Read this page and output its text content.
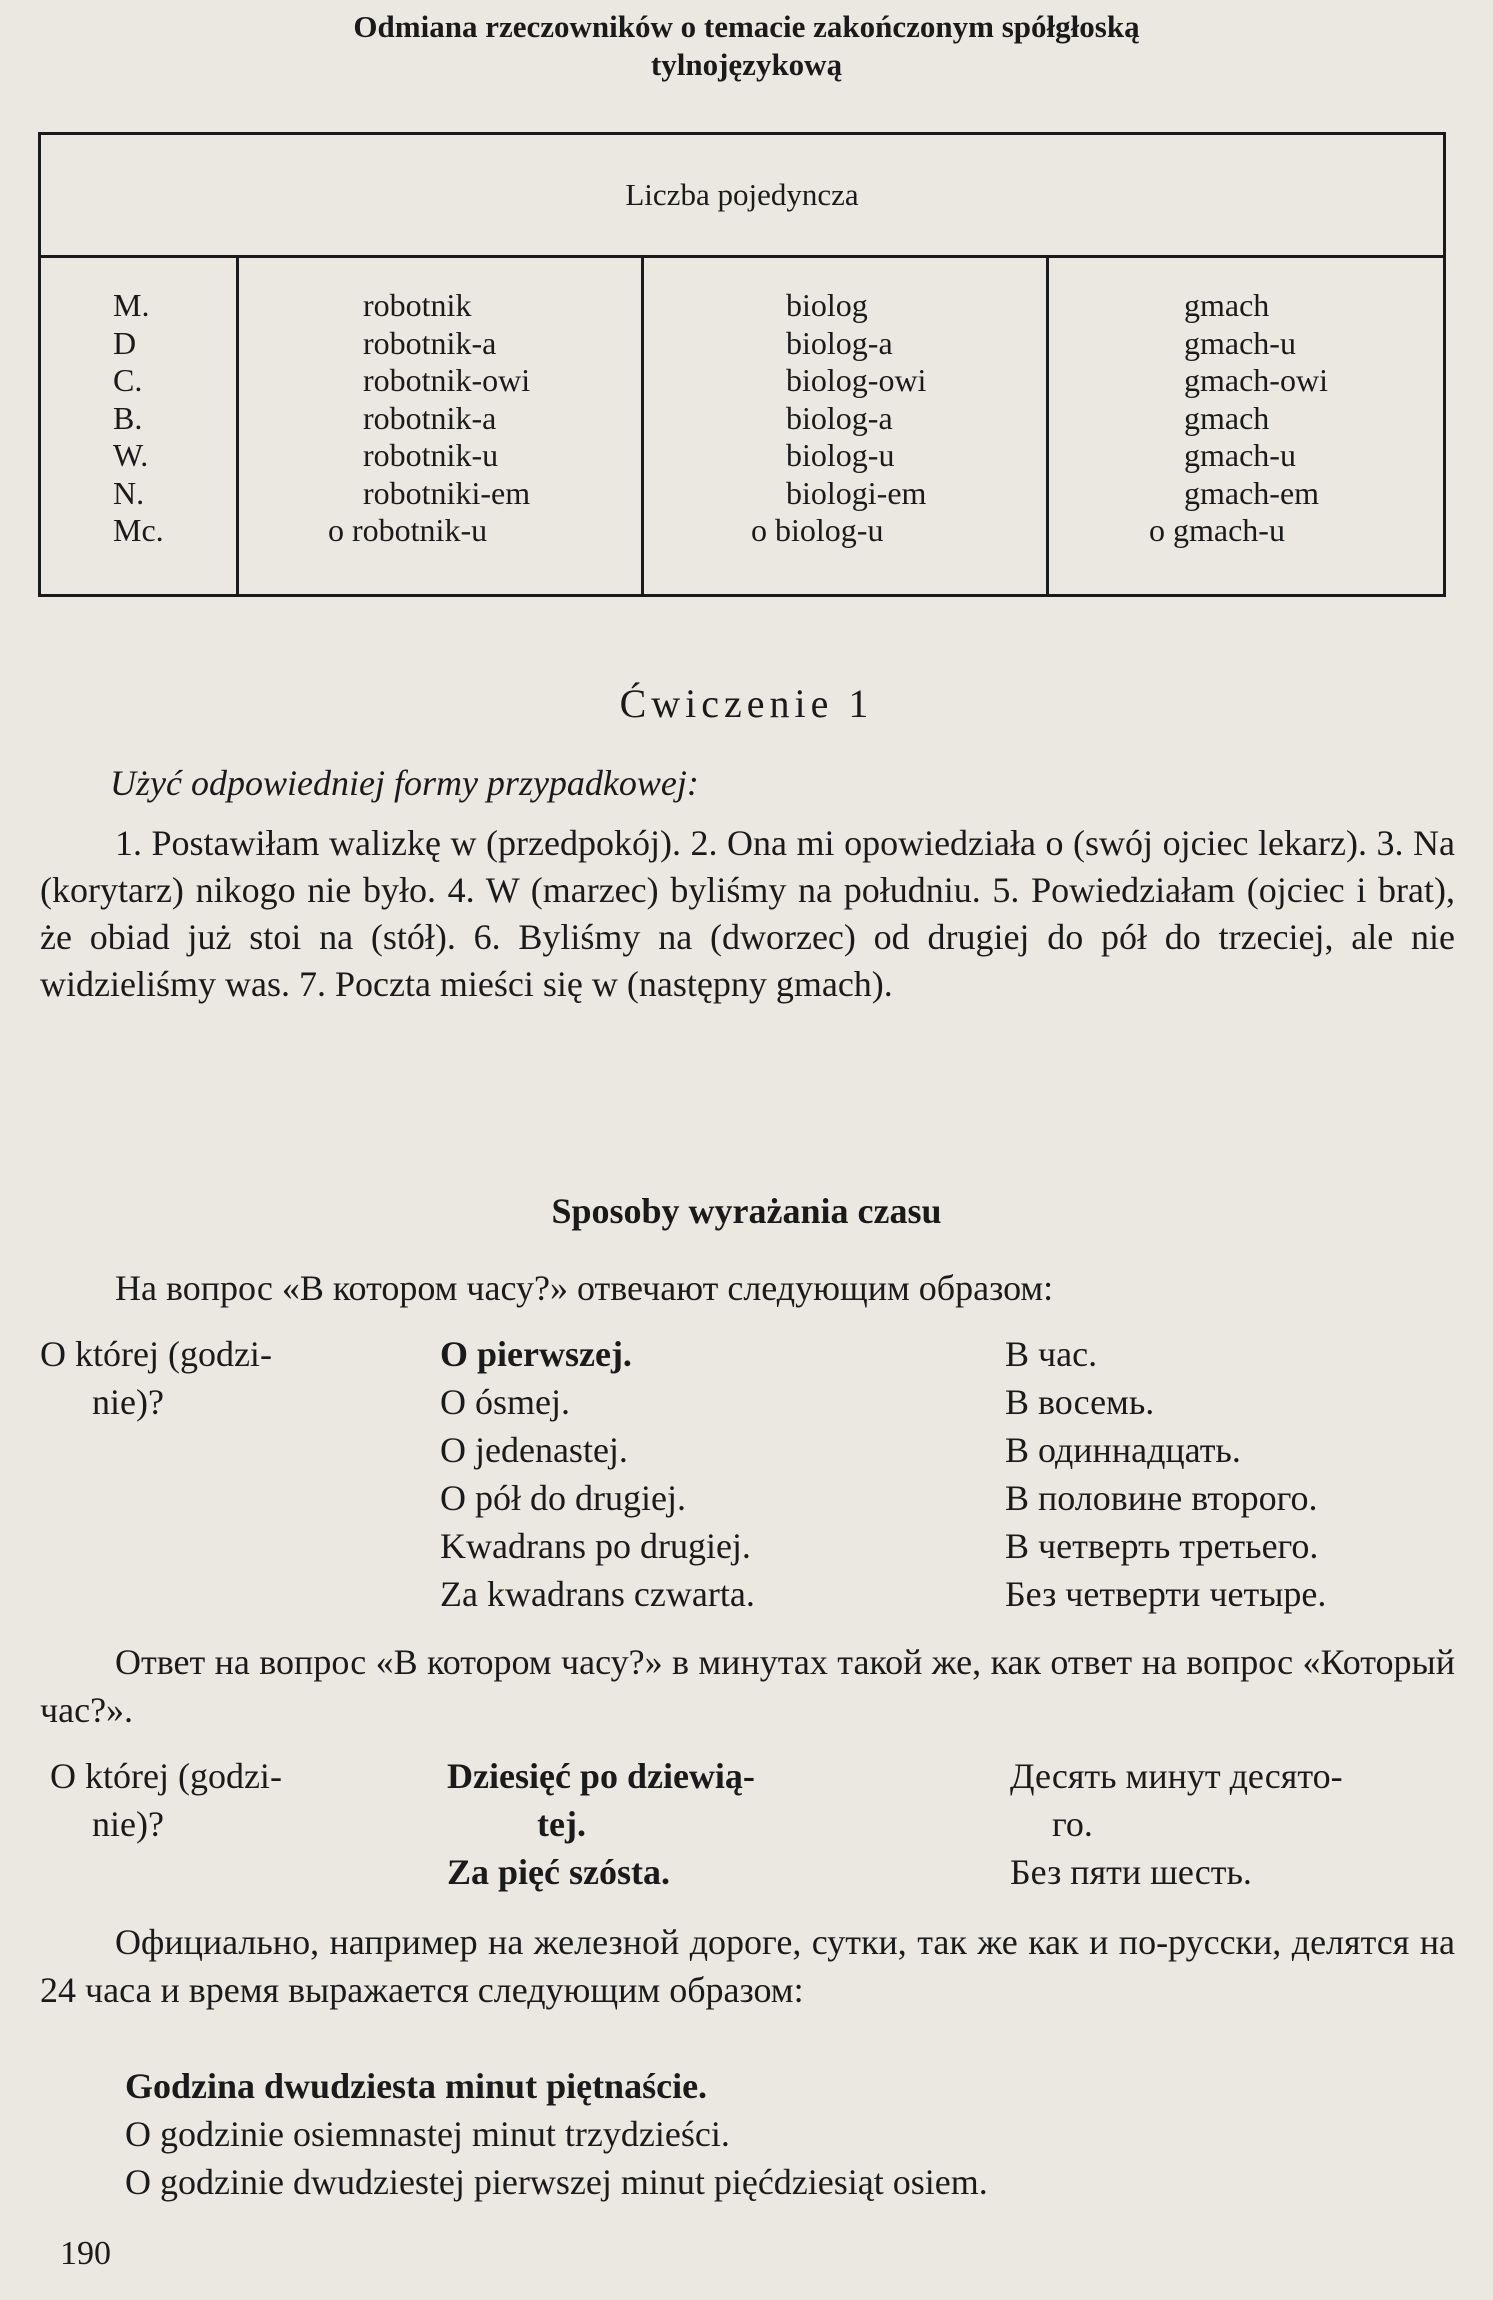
Odmiana rzeczowników o temacie zakończonym spółgłoską
tylnojęzykową
Liczba pojedyncza
M.
D
C.
B.
W.
N.
Mc.
robotnik
robotnik-a
robotnik-owi
robotnik-a
robotnik-u
robotniki-em
o robotnik-u
biolog
biolog-a
biolog-owi
biolog-a
biolog-u
biologi-em
o biolog-u
gmach
gmach-u
gmach-owi
gmach
gmach-u
gmach-em
o gmach-u
Ćwiczenie 1
Użyć odpowiedniej formy przypadkowej:
1. Postawiłam walizkę w (przedpokój). 2. Ona mi opowiedziała o (swój ojciec lekarz). 3. Na (korytarz) nikogo nie było. 4. W (marzec) byliśmy na południu. 5. Powiedziałam (ojciec i brat), że obiad już stoi na (stół). 6. Byliśmy na (dworzec) od drugiej do pół do trzeciej, ale nie widzieliśmy was. 7. Poczta mieści się w (następny gmach).
Sposoby wyrażania czasu
На вопрос «В котором часу?» отвечают следующим образом:
O której (godzi-
nie)?
O pierwszej.
O ósmej.
O jedenastej.
O pół do drugiej.
Kwadrans po drugiej.
Za kwadrans czwarta.
В час.
В восемь.
В одиннадцать.
В половине второго.
В четверть третьего.
Без четверти четыре.
Ответ на вопрос «В котором часу?» в минутах такой же, как ответ на вопрос «Который час?».
O której (godzi-
nie)?
Dziesięć po dziewią-
tej.
Za pięć szósta.
Десять минут десято-
го.
Без пяти шесть.
Официально, например на железной дороге, сутки, так же как и по-русски, делятся на 24 часа и время выражается следующим образом:
Godzina dwudziesta minut piętnaście.
O godzinie osiemnastej minut trzydzieści.
O godzinie dwudziestej pierwszej minut pięćdziesiąt osiem.
190
